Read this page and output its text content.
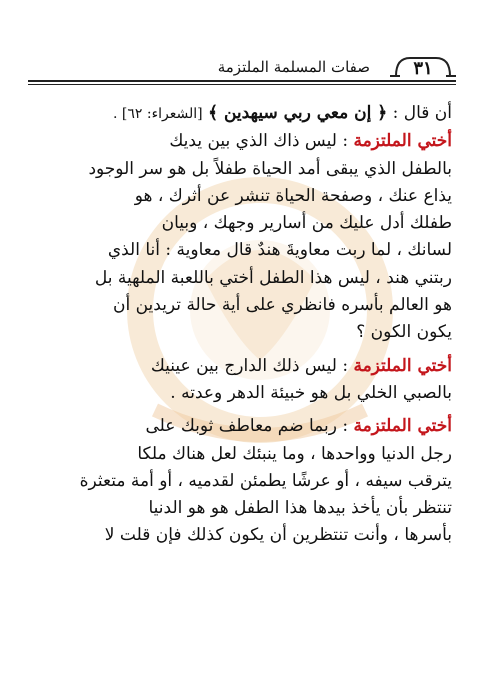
صفات المسلمة الملتزمة	٣١
أن قال : ﴿ إن معي ربي سيهدين ﴾ [الشعراء: ٦٢] .
أختي الملتزمة : ليس ذاك الذي بين يديك
بالطفل الذي يبقى أمد الحياة طفلاً بل هو سر الوجود
يذاع عنك ، وصفحة الحياة تنشر عن أثرك ، هو
طفلك أدل عليك من أسارير وجهك ، وبيان
لسانك ، لما ربت معاويةَ هندٌ قال معاوية : أنا الذي
ربتني هند ، ليس هذا الطفل أختي باللعبة الملهية بل
هو العالم بأسره فانظري على أية حالة تريدين أن
يكون الكون ؟
أختي الملتزمة : ليس ذلك الدارج بين عينيك
بالصبي الخلي بل هو خبيئة الدهر وعدته .
أختي الملتزمة : ربما ضم معاطف ثوبك على
رجل الدنيا وواحدها ، وما ينبئك لعل هناك ملكا
يترقب سيفه ، أو عرشًا يطمئن لقدميه ، أو أمة متعثرة
تنتظر بأن يأخذ بيدها هذا الطفل هو هو الدنيا
بأسرها ، وأنت تنتظرين أن يكون كذلك فإن قلت لا
